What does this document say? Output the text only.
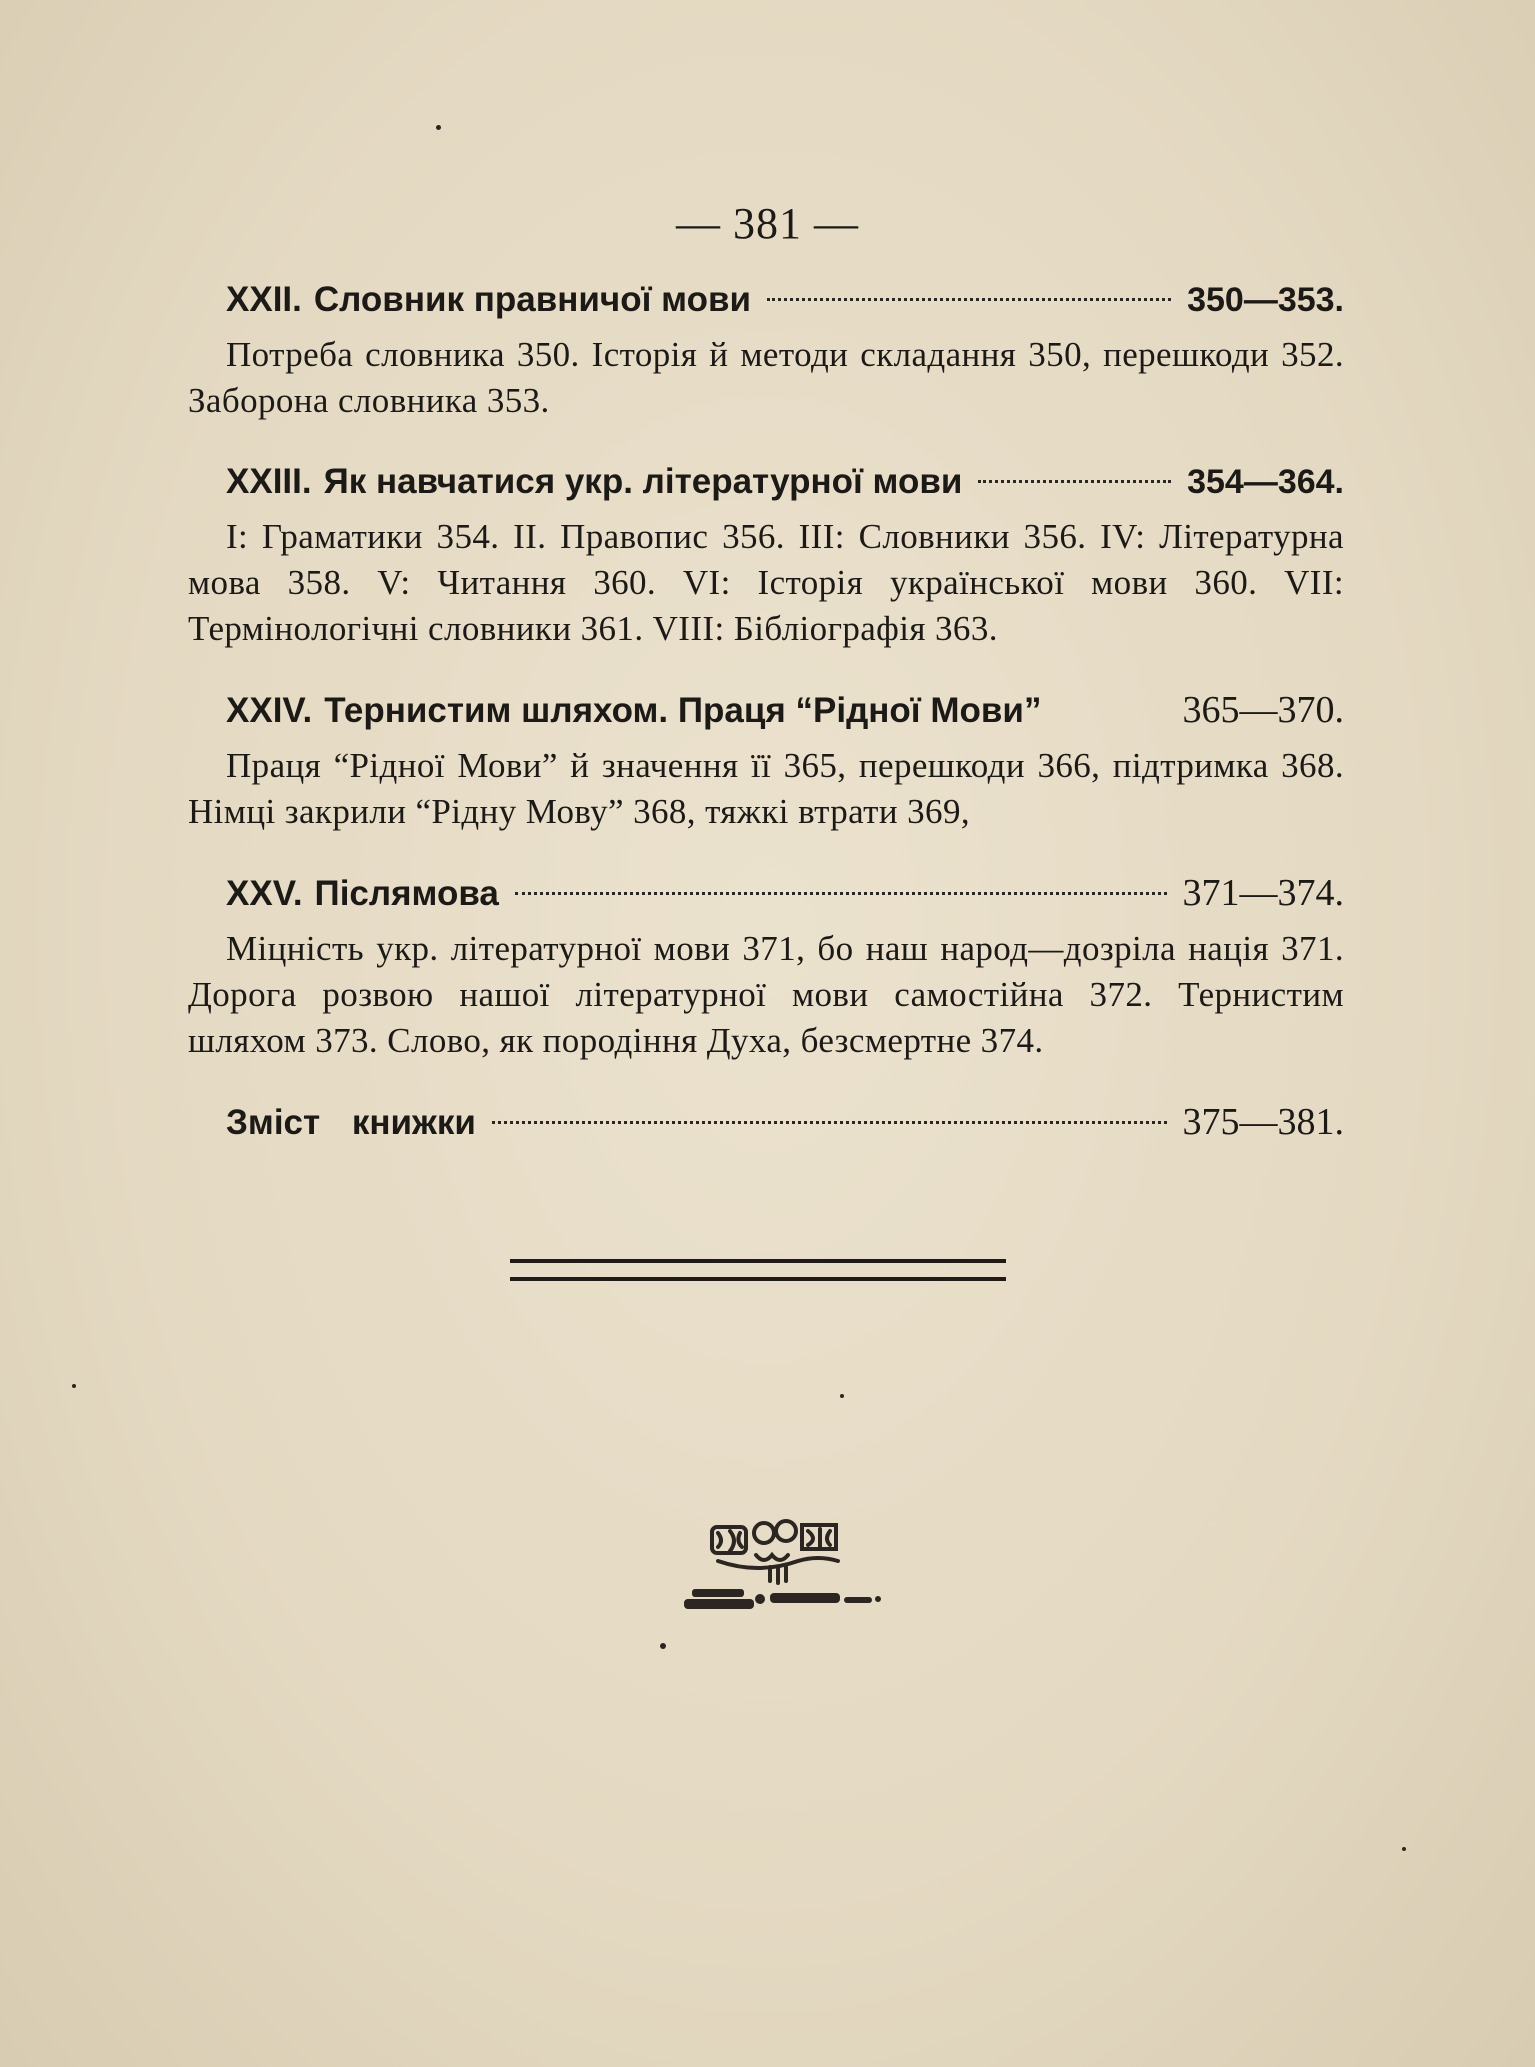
— 381 —
XXII. Словник правничої мови	350—353.
Потреба словника 350. Історія й методи складання 350, перешкоди 352. Заборона словника 353.
XXIII. Як навчатися укр. літературної мови	354—364.
I: Граматики 354. II. Правопис 356. III: Словники 356. IV: Літературна мова 358. V: Читання 360. VI: Історія української мови 360. VII: Термінологічні словники 361. VIII: Бібліографія 363.
XXIV. Тернистим шляхом. Праця “Рідної Мови”	365—370.
Праця “Рідної Мови” й значення її 365, перешкоди 366, підтримка 368. Німці закрили “Рідну Мову” 368, тяжкі втрати 369,
XXV. Післямова	371—374.
Міцність укр. літературної мови 371, бо наш народ—дозріла нація 371. Дорога розвою нашої літературної мови самостійна 372. Тернистим шляхом 373. Слово, як породіння Духа, безсмертне 374.
Зміст книжки	375—381.
